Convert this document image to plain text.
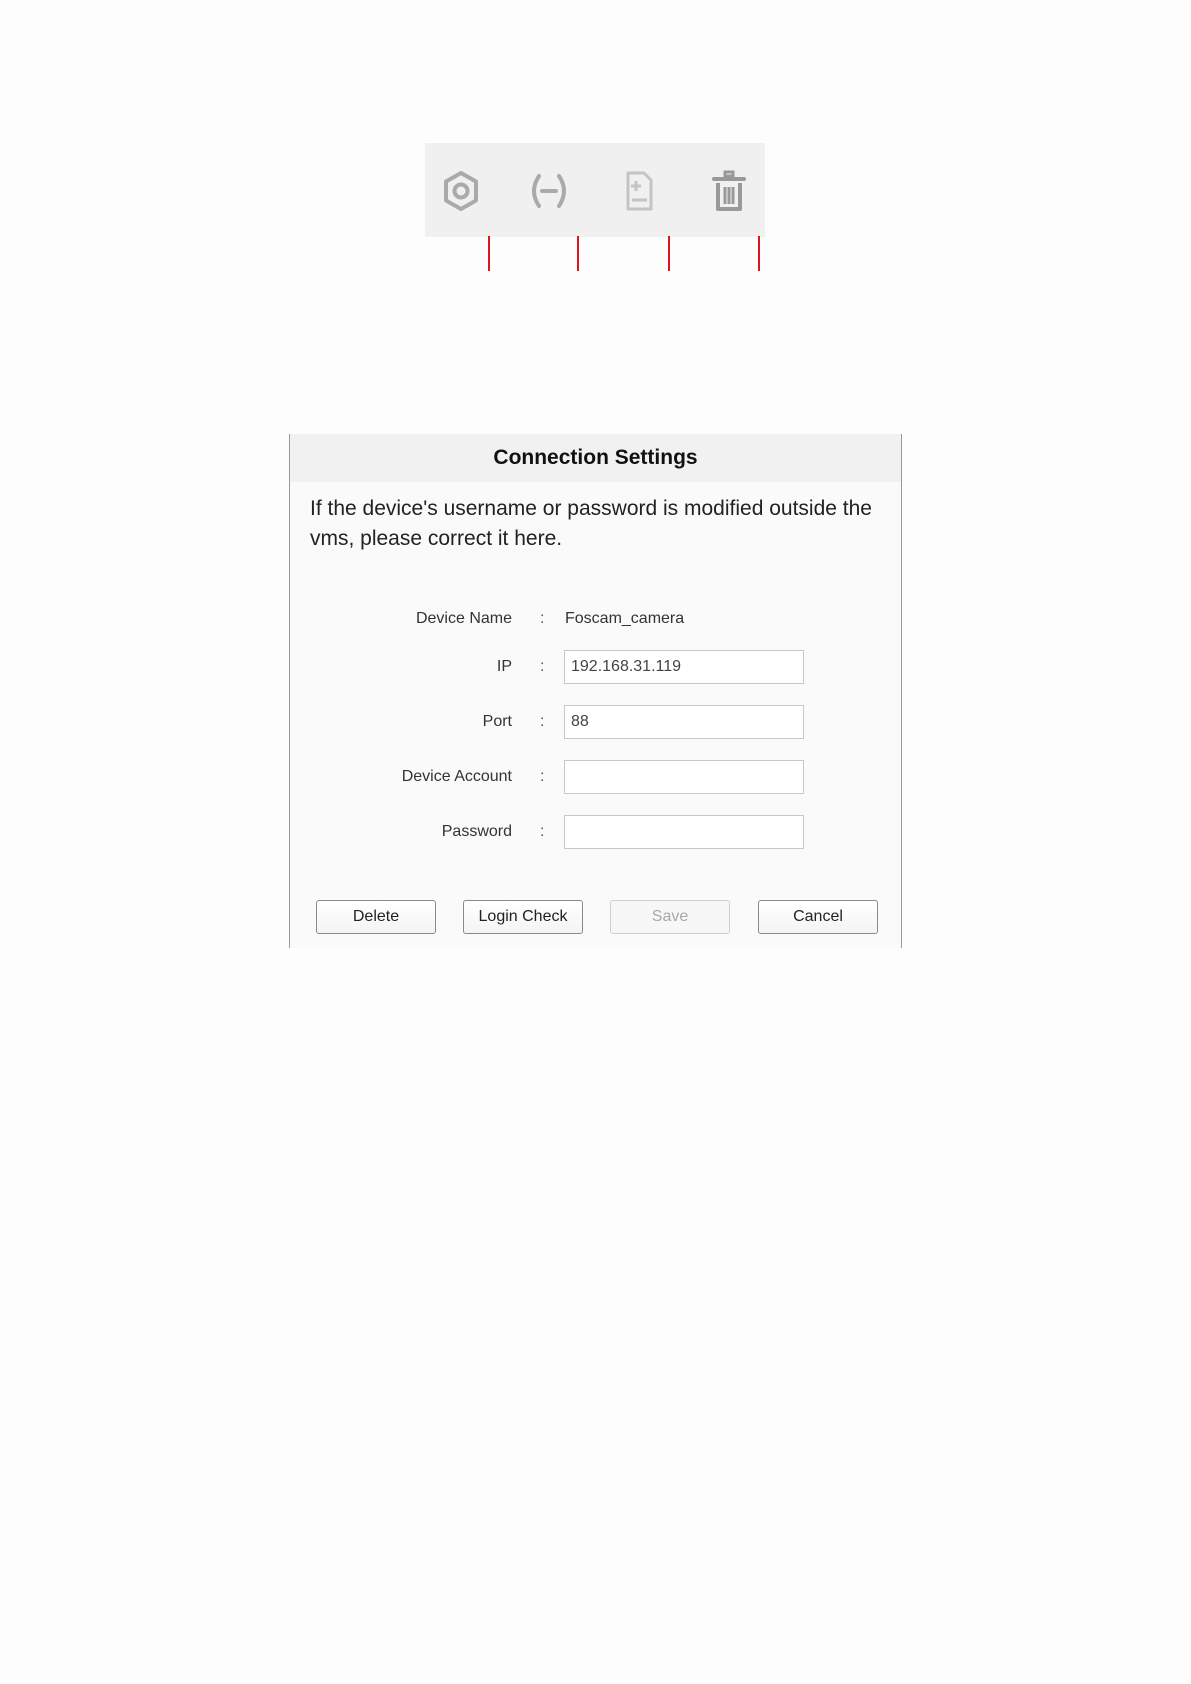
Connection Settings

If the device's username or password is modified outside the vms, please correct it here.

Device Name : Foscam_camera
IP :
192.168.31.119
Port :
88
Device Account :
Password :
Delete	Login Check	Save	Cancel
